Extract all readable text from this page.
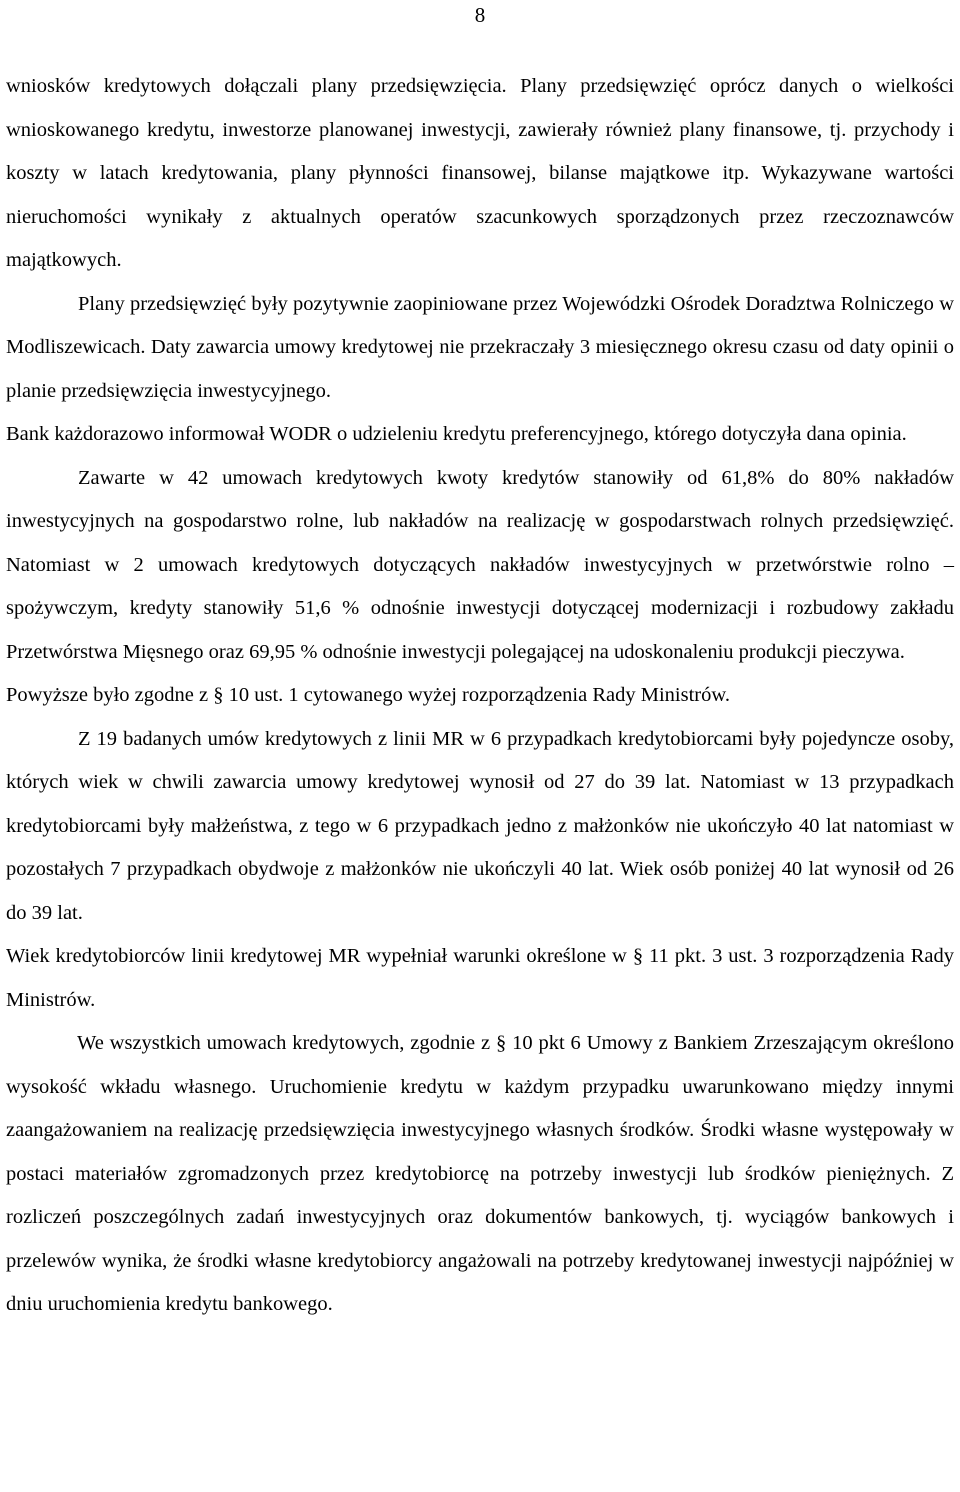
8

wniosków kredytowych dołączali plany przedsięwzięcia. Plany przedsięwzięć oprócz danych o wielkości wnioskowanego kredytu, inwestorze planowanej inwestycji, zawierały również plany finansowe, tj. przychody i koszty w latach kredytowania, plany płynności finansowej, bilanse majątkowe itp. Wykazywane wartości nieruchomości wynikały z aktualnych operatów szacunkowych sporządzonych przez rzeczoznawców majątkowych.

Plany przedsięwzięć były pozytywnie zaopiniowane przez Wojewódzki Ośrodek Doradztwa Rolniczego w Modliszewicach. Daty zawarcia umowy kredytowej nie przekraczały 3 miesięcznego okresu czasu od daty opinii o planie przedsięwzięcia inwestycyjnego.

Bank każdorazowo informował WODR o udzieleniu kredytu preferencyjnego, którego dotyczyła dana opinia.

Zawarte w 42 umowach kredytowych kwoty kredytów stanowiły od 61,8% do 80% nakładów inwestycyjnych na gospodarstwo rolne, lub nakładów na realizację w gospodarstwach rolnych przedsięwzięć. Natomiast w 2 umowach kredytowych dotyczących nakładów inwestycyjnych w przetwórstwie rolno – spożywczym, kredyty stanowiły 51,6 % odnośnie inwestycji dotyczącej modernizacji i rozbudowy zakładu Przetwórstwa Mięsnego oraz 69,95 % odnośnie inwestycji polegającej na udoskonaleniu produkcji pieczywa.

Powyższe było zgodne z § 10 ust. 1 cytowanego wyżej rozporządzenia Rady Ministrów.

Z 19 badanych umów kredytowych z linii MR w 6 przypadkach kredytobiorcami były pojedyncze osoby, których wiek w chwili zawarcia umowy kredytowej wynosił od 27 do 39 lat. Natomiast w 13 przypadkach kredytobiorcami były małżeństwa, z tego w 6 przypadkach jedno z małżonków nie ukończyło 40 lat natomiast w pozostałych 7 przypadkach obydwoje z małżonków nie ukończyli 40 lat. Wiek osób poniżej 40 lat wynosił od 26 do 39 lat.

Wiek kredytobiorców linii kredytowej MR wypełniał warunki określone w § 11 pkt. 3 ust. 3 rozporządzenia Rady Ministrów.

We wszystkich umowach kredytowych, zgodnie z § 10 pkt 6 Umowy z Bankiem Zrzeszającym określono wysokość wkładu własnego. Uruchomienie kredytu w każdym przypadku uwarunkowano między innymi zaangażowaniem na realizację przedsięwzięcia inwestycyjnego własnych środków. Środki własne występowały w postaci materiałów zgromadzonych przez kredytobiorcę na potrzeby inwestycji lub środków pieniężnych. Z rozliczeń poszczególnych zadań inwestycyjnych oraz dokumentów bankowych, tj. wyciągów bankowych i przelewów wynika, że środki własne kredytobiorcy angażowali na potrzeby kredytowanej inwestycji najpóźniej w dniu uruchomienia kredytu bankowego.
